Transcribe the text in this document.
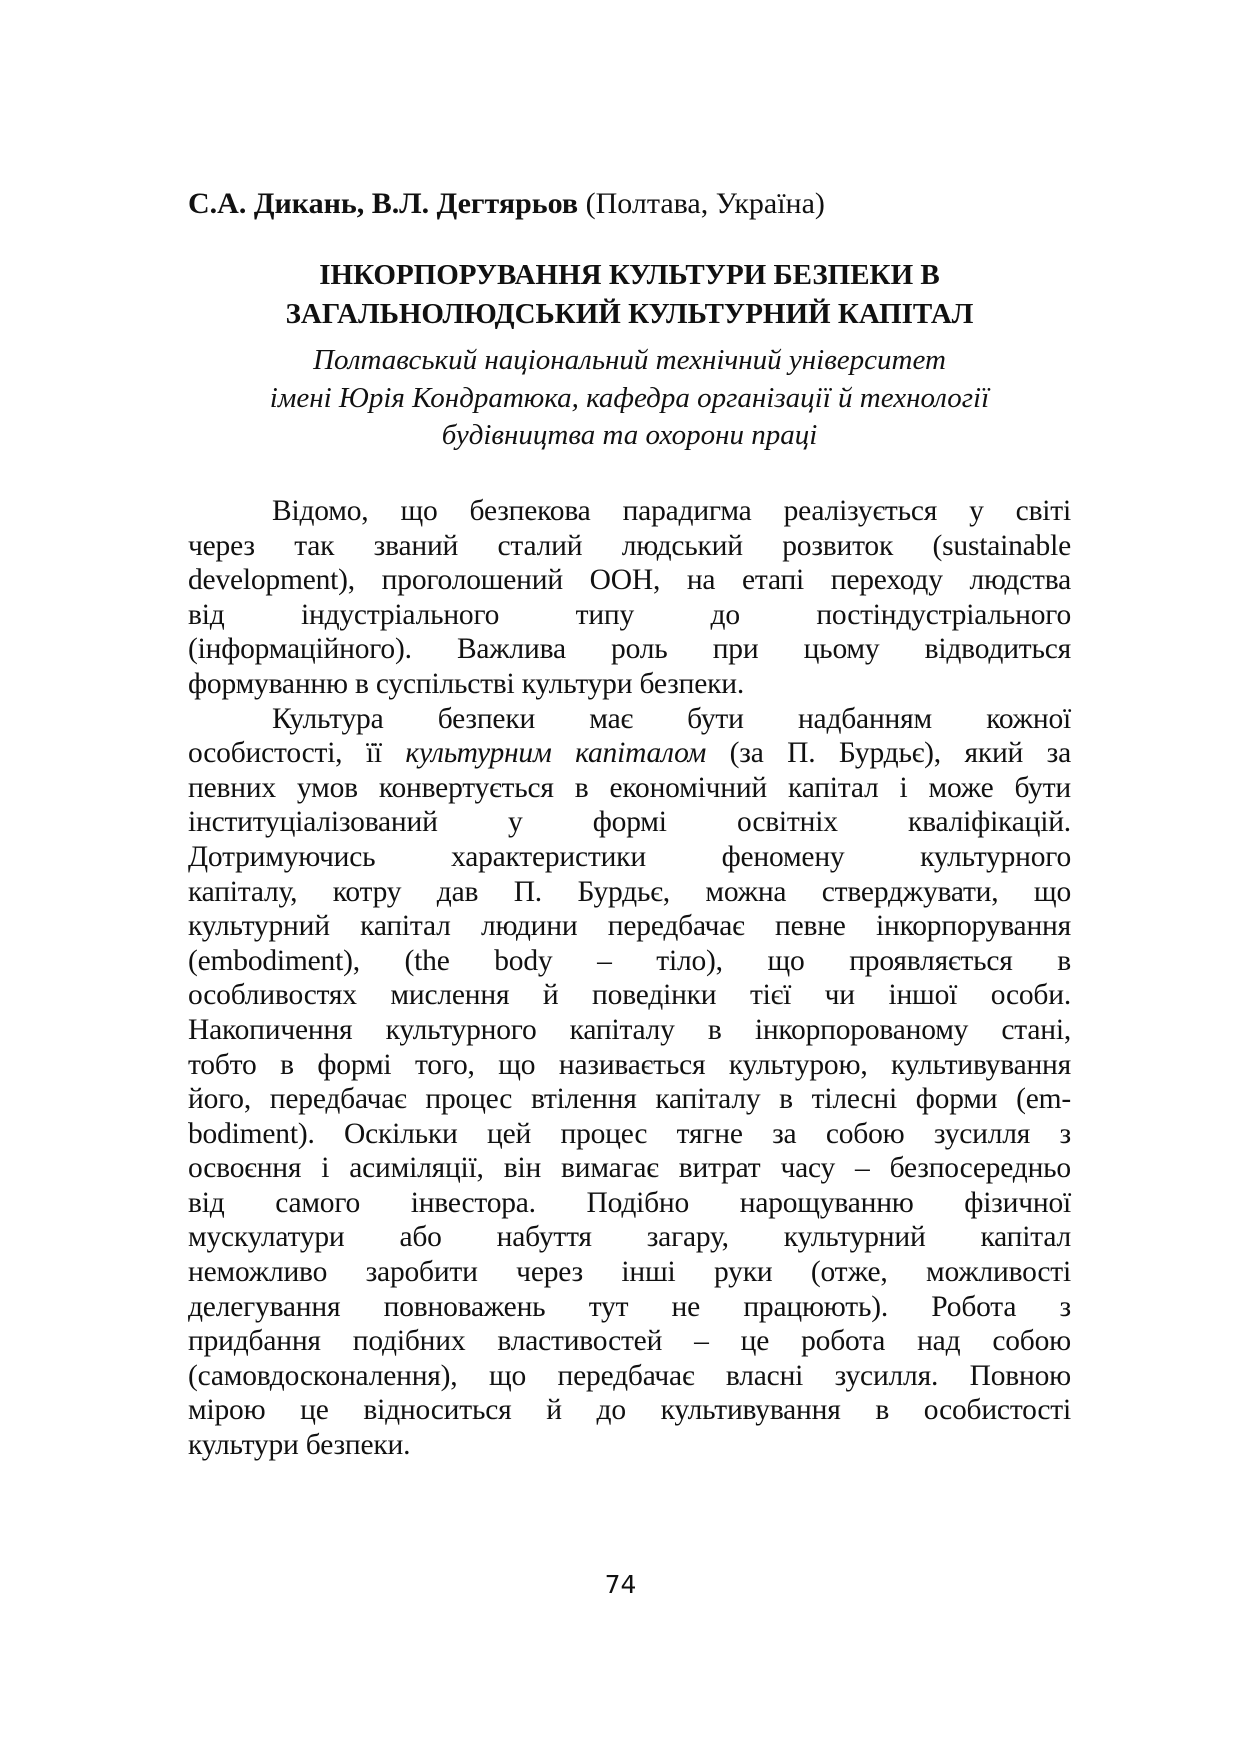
С.А. Дикань, В.Л. Дегтярьов (Полтава, Україна)
ІНКОРПОРУВАННЯ КУЛЬТУРИ БЕЗПЕКИ В
ЗАГАЛЬНОЛЮДСЬКИЙ КУЛЬТУРНИЙ КАПІТАЛ
Полтавський національний технічний університет
імені Юрія Кондратюка, кафедра організації й технології
будівництва та охорони праці
Відомо, що безпекова парадигма реалізується у світі
через так званий сталий людський розвиток (sustainable
development), проголошений ООН, на етапі переходу людства
від індустріального типу до постіндустріального
(інформаційного). Важлива роль при цьому відводиться
формуванню в суспільстві культури безпеки.
Культура безпеки має бути надбанням кожної
особистості, її культурним капіталом (за П. Бурдьє), який за
певних умов конвертується в економічний капітал і може бути
інституціалізований у формі освітніх кваліфікацій.
Дотримуючись характеристики феномену культурного
капіталу, котру дав П. Бурдьє, можна стверджувати, що
культурний капітал людини передбачає певне інкорпорування
(embodiment), (the body – тіло), що проявляється в
особливостях мислення й поведінки тієї чи іншої особи.
Накопичення культурного капіталу в інкорпорованому стані,
тобто в формі того, що називається культурою, культивування
його, передбачає процес втілення капіталу в тілесні форми (em-
bodiment). Оскільки цей процес тягне за собою зусилля з
освоєння і асиміляції, він вимагає витрат часу – безпосередньо
від самого інвестора. Подібно нарощуванню фізичної
мускулатури або набуття загару, культурний капітал
неможливо заробити через інші руки (отже, можливості
делегування повноважень тут не працюють). Робота з
придбання подібних властивостей – це робота над собою
(самовдосконалення), що передбачає власні зусилля. Повною
мірою це відноситься й до культивування в особистості
культури безпеки.
74
